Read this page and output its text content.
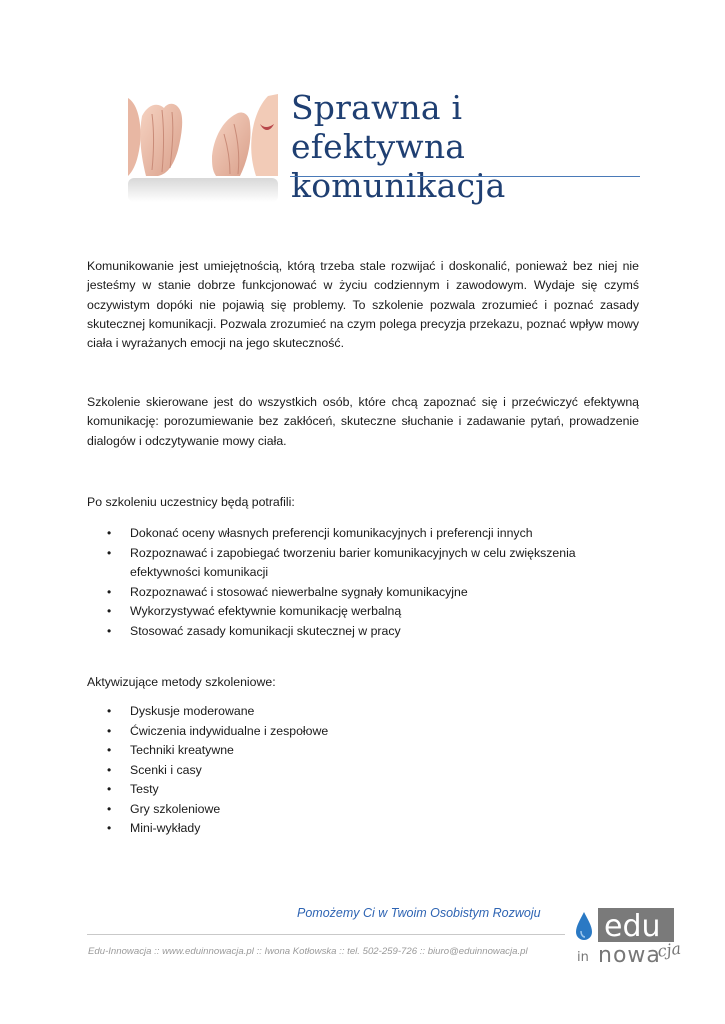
Sprawna i efektywna
komunikacja

Komunikowanie jest umiejętnością, którą trzeba stale rozwijać i doskonalić, ponieważ bez niej nie jesteśmy w stanie dobrze funkcjonować w życiu codziennym i zawodowym. Wydaje się czymś oczywistym dopóki nie pojawią się problemy. To szkolenie pozwala zrozumieć i poznać zasady skutecznej komunikacji. Pozwala zrozumieć na czym polega precyzja przekazu, poznać wpływ mowy ciała i wyrażanych emocji na jego skuteczność.

Szkolenie skierowane jest do wszystkich osób, które chcą zapoznać się i przećwiczyć efektywną komunikację: porozumiewanie bez zakłóceń, skuteczne słuchanie i zadawanie pytań, prowadzenie dialogów i odczytywanie mowy ciała.

Po szkoleniu uczestnicy będą potrafili:

• Dokonać oceny własnych preferencji komunikacyjnych i preferencji innych
• Rozpoznawać i zapobiegać tworzeniu barier komunikacyjnych w celu zwiększenia efektywności komunikacji
• Rozpoznawać i stosować niewerbalne sygnały komunikacyjne
• Wykorzystywać efektywnie komunikację werbalną
• Stosować zasady komunikacji skutecznej w pracy

Aktywizujące metody szkoleniowe:

• Dyskusje moderowane
• Ćwiczenia indywidualne i zespołowe
• Techniki kreatywne
• Scenki i casy
• Testy
• Gry szkoleniowe
• Mini-wykłady
Pomożemy Ci w Twoim Osobistym Rozwoju
Edu-Innowacja :: www.eduinnowacja.pl :: Iwona Kotłowska :: tel. 502-259-726 :: biuro@eduinnowacja.pl
edu
in nowa
cja
